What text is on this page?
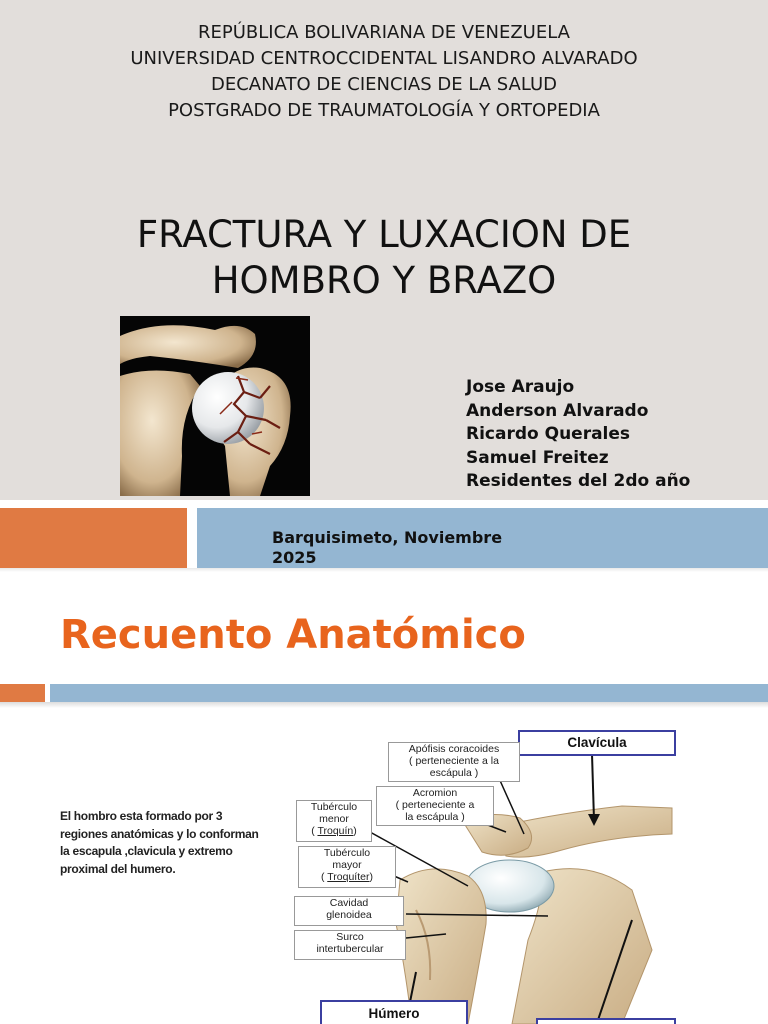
REPÚBLICA BOLIVARIANA DE VENEZUELA
UNIVERSIDAD CENTROCCIDENTAL LISANDRO ALVARADO
DECANATO DE CIENCIAS DE LA SALUD
POSTGRADO DE TRAUMATOLOGÍA Y ORTOPEDIA
FRACTURA Y LUXACION DE
HOMBRO Y BRAZO
Jose Araujo
Anderson Alvarado
Ricardo Querales
Samuel Freitez
Residentes del 2do año
Barquisimeto, Noviembre
2025
Recuento Anatómico
El hombro esta formado por 3 regiones anatómicas y lo conforman la escapula ,clavicula y extremo proximal del humero.
Clavícula
Apófisis coracoides
( perteneciente a la
escápula )
Acromion
( perteneciente a
la escápula )
Tubérculo
menor
( Troquín)
Tubérculo
mayor
( Troquíter)
Cavidad
glenoidea
Surco
intertubercular
Húmero
